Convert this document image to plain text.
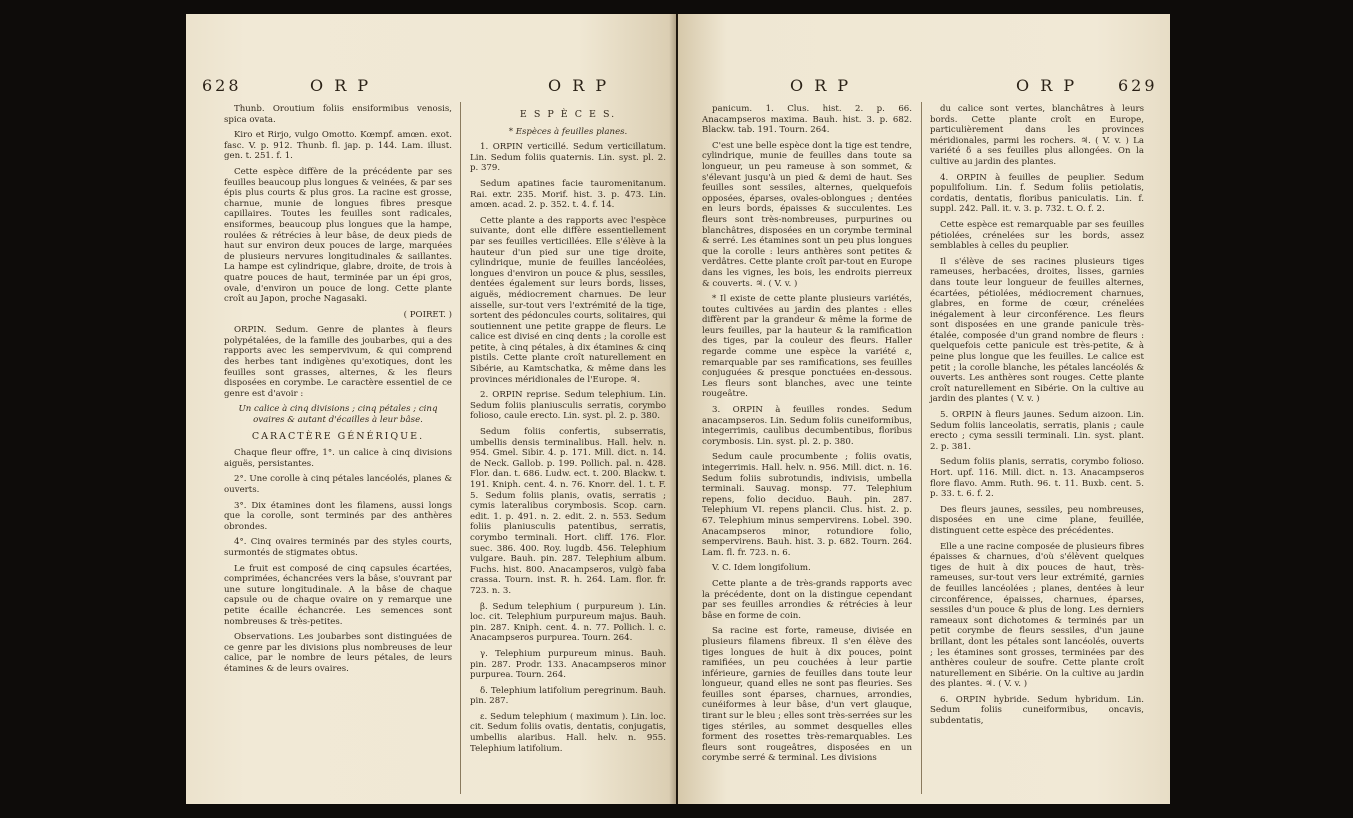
628	O R P	O R P

Thunb. Oroutium foliis ensiformibus venosis, spica ovata.

Kiro et Rirjo, vulgo Omotto. Kœmpf. amœn. exot. fasc. V. p. 912. Thunb. fl. jap. p. 144. Lam. illust. gen. t. 251. f. 1.

Cette espèce diffère de la précédente par ses feuilles beaucoup plus longues & veinées, & par ses épis plus courts & plus gros. La racine est grosse, charnue, munie de longues fibres presque capillaires. Toutes les feuilles sont radicales, ensiformes, beaucoup plus longues que la hampe, roulées & rétrécies à leur bâse, de deux pieds de haut sur environ deux pouces de large, marquées de plusieurs nervures longitudinales & saillantes. La hampe est cylindrique, glabre, droite, de trois à quatre pouces de haut, terminée par un épi gros, ovale, d'environ un pouce de long. Cette plante croît au Japon, proche Nagasaki.

( POIRET. )

ORPIN. Sedum. Genre de plantes à fleurs polypétalées, de la famille des joubarbes, qui a des rapports avec les sempervivum, & qui comprend des herbes tant indigènes qu'exotiques, dont les feuilles sont grasses, alternes, & les fleurs disposées en corymbe. Le caractère essentiel de ce genre est d'avoir :

Un calice à cinq divisions ; cinq pétales ; cinq ovaires & autant d'écailles à leur bâse.

CARACTÈRE GÉNÉRIQUE.

Chaque fleur offre, 1°. un calice à cinq divisions aiguës, persistantes.

2°. Une corolle à cinq pétales lancéolés, planes & ouverts.

3°. Dix étamines dont les filamens, aussi longs que la corolle, sont terminés par des anthères obrondes.

4°. Cinq ovaires terminés par des styles courts, surmontés de stigmates obtus.

Le fruit est composé de cinq capsules écartées, comprimées, échancrées vers la bâse, s'ouvrant par une suture longitudinale. A la bâse de chaque capsule ou de chaque ovaire on y remarque une petite écaille échancrée. Les semences sont nombreuses & très-petites.

Observations. Les joubarbes sont distinguées de ce genre par les divisions plus nombreuses de leur calice, par le nombre de leurs pétales, de leurs étamines & de leurs ovaires.

E S P È C E S.

* Espèces à feuilles planes.

1. ORPIN verticillé. Sedum verticillatum. Lin. Sedum foliis quaternis. Lin. syst. pl. 2. p. 379.

Sedum apatines facie tauromenitanum. Rai. extr. 235. Morif. hist. 3. p. 473. Lin. amœn. acad. 2. p. 352. t. 4. f. 14.

Cette plante a des rapports avec l'espèce suivante, dont elle diffère essentiellement par ses feuilles verticillées. Elle s'élève à la hauteur d'un pied sur une tige droite, cylindrique, munie de feuilles lancéolées, longues d'environ un pouce & plus, sessiles, dentées également sur leurs bords, lisses, aiguës, médiocrement charnues. De leur aisselle, sur-tout vers l'extrémité de la tige, sortent des pédoncules courts, solitaires, qui soutiennent une petite grappe de fleurs. Le calice est divisé en cinq dents ; la corolle est petite, à cinq pétales, à dix étamines & cinq pistils. Cette plante croît naturellement en Sibérie, au Kamtschatka, & même dans les provinces méridionales de l'Europe. ♃.

2. ORPIN reprise. Sedum telephium. Lin. Sedum foliis planiusculis serratis, corymbo folioso, caule erecto. Lin. syst. pl. 2. p. 380.

Sedum foliis confertis, subserratis, umbellis densis terminalibus. Hall. helv. n. 954. Gmel. Sibir. 4. p. 171. Mill. dict. n. 14. de Neck. Gallob. p. 199. Pollich. pal. n. 428. Flor. dan. t. 686. Ludw. ect. t. 200. Blackw. t. 191. Kniph. cent. 4. n. 76. Knorr. del. 1. t. F. 5. Sedum foliis planis, ovatis, serratis ; cymis lateralibus corymbosis. Scop. carn. edit. 1. p. 491. n. 2. edit. 2. n. 553. Sedum foliis planiusculis patentibus, serratis, corymbo terminali. Hort. cliff. 176. Flor. suec. 386. 400. Roy. lugdb. 456. Telephium vulgare. Bauh. pin. 287. Telephium album. Fuchs. hist. 800. Anacampseros, vulgò faba crassa. Tourn. inst. R. h. 264. Lam. flor. fr. 723. n. 3.

β. Sedum telephium ( purpureum ). Lin. loc. cit. Telephium purpureum majus. Bauh. pin. 287. Kniph. cent. 4. n. 77. Pollich. l. c. Anacampseros purpurea. Tourn. 264.

γ. Telephium purpureum minus. Bauh. pin. 287. Prodr. 133. Anacampseros minor purpurea. Tourn. 264.

δ. Telephium latifolium peregrinum. Bauh. pin. 287.

ε. Sedum telephium ( maximum ). Lin. loc. cit. Sedum foliis ovatis, dentatis, conjugatis, umbellis alaribus. Hall. helv. n. 955. Telephium latifolium.

O R P	O R P	629

panicum. 1. Clus. hist. 2. p. 66. Anacampseros maxima. Bauh. hist. 3. p. 682. Blackw. tab. 191. Tourn. 264.

C'est une belle espèce dont la tige est tendre, cylindrique, munie de feuilles dans toute sa longueur, un peu rameuse à son sommet, & s'élevant jusqu'à un pied & demi de haut. Ses feuilles sont sessiles, alternes, quelquefois opposées, éparses, ovales-oblongues ; dentées en leurs bords, épaisses & succulentes. Les fleurs sont très-nombreuses, purpurines ou blanchâtres, disposées en un corymbe terminal & serré. Les étamines sont un peu plus longues que la corolle : leurs anthères sont petites & verdâtres. Cette plante croît par-tout en Europe dans les vignes, les bois, les endroits pierreux & couverts. ♃. ( V. v. )

* Il existe de cette plante plusieurs variétés, toutes cultivées au jardin des plantes : elles diffèrent par la grandeur & même la forme de leurs feuilles, par la hauteur & la ramification des tiges, par la couleur des fleurs. Haller regarde comme une espèce la variété ε, remarquable par ses ramifications, ses feuilles conjuguées & presque ponctuées en-dessous. Les fleurs sont blanches, avec une teinte rougeâtre.

3. ORPIN à feuilles rondes. Sedum anacampseros. Lin. Sedum foliis cuneiformibus, integerrimis, caulibus decumbentibus, floribus corymbosis. Lin. syst. pl. 2. p. 380.

Sedum caule procumbente ; foliis ovatis, integerrimis. Hall. helv. n. 956. Mill. dict. n. 16. Sedum foliis subrotundis, indivisis, umbella terminali. Sauvag. monsp. 77. Telephium repens, folio deciduo. Bauh. pin. 287. Telephium VI. repens plancii. Clus. hist. 2. p. 67. Telephium minus sempervirens. Lobel. 390. Anacampseros minor, rotundiore folio, sempervirens. Bauh. hist. 3. p. 682. Tourn. 264. Lam. fl. fr. 723. n. 6.

V. C. Idem longifolium.

Cette plante a de très-grands rapports avec la précédente, dont on la distingue cependant par ses feuilles arrondies & rétrécies à leur bâse en forme de coin.

Sa racine est forte, rameuse, divisée en plusieurs filamens fibreux. Il s'en élève des tiges longues de huit à dix pouces, point ramifiées, un peu couchées à leur partie inférieure, garnies de feuilles dans toute leur longueur, quand elles ne sont pas fleuries. Ses feuilles sont éparses, charnues, arrondies, cunéiformes à leur bâse, d'un vert glauque, tirant sur le bleu ; elles sont très-serrées sur les tiges stériles, au sommet desquelles elles forment des rosettes très-remarquables. Les fleurs sont rougeâtres, disposées en un corymbe serré & terminal. Les divisions

du calice sont vertes, blanchâtres à leurs bords. Cette plante croît en Europe, particulièrement dans les provinces méridionales, parmi les rochers. ♃. ( V. v. ) La variété δ a ses feuilles plus allongées. On la cultive au jardin des plantes.

4. ORPIN à feuilles de peuplier. Sedum populifolium. Lin. f. Sedum foliis petiolatis, cordatis, dentatis, floribus paniculatis. Lin. f. suppl. 242. Pall. it. v. 3. p. 732. t. O. f. 2.

Cette espèce est remarquable par ses feuilles pétiolées, crénelées sur les bords, assez semblables à celles du peuplier.

Il s'élève de ses racines plusieurs tiges rameuses, herbacées, droites, lisses, garnies dans toute leur longueur de feuilles alternes, écartées, pétiolées, médiocrement charnues, glabres, en forme de cœur, crénelées inégalement à leur circonférence. Les fleurs sont disposées en une grande panicule très-étalée, composée d'un grand nombre de fleurs : quelquefois cette panicule est très-petite, & à peine plus longue que les feuilles. Le calice est petit ; la corolle blanche, les pétales lancéolés & ouverts. Les anthères sont rouges. Cette plante croît naturellement en Sibérie. On la cultive au jardin des plantes ( V. v. )

5. ORPIN à fleurs jaunes. Sedum aizoon. Lin. Sedum foliis lanceolatis, serratis, planis ; caule erecto ; cyma sessili terminali. Lin. syst. plant. 2. p. 381.

Sedum foliis planis, serratis, corymbo folioso. Hort. upf. 116. Mill. dict. n. 13. Anacampseros flore flavo. Amm. Ruth. 96. t. 11. Buxb. cent. 5. p. 33. t. 6. f. 2.

Des fleurs jaunes, sessiles, peu nombreuses, disposées en une cime plane, feuillée, distinguent cette espèce des précédentes.

Elle a une racine composée de plusieurs fibres épaisses & charnues, d'où s'élèvent quelques tiges de huit à dix pouces de haut, très-rameuses, sur-tout vers leur extrémité, garnies de feuilles lancéolées ; planes, dentées à leur circonférence, épaisses, charnues, éparses, sessiles d'un pouce & plus de long. Les derniers rameaux sont dichotomes & terminés par un petit corymbe de fleurs sessiles, d'un jaune brillant, dont les pétales sont lancéolés, ouverts ; les étamines sont grosses, terminées par des anthères couleur de soufre. Cette plante croît naturellement en Sibérie. On la cultive au jardin des plantes. ♃. ( V. v. )

6. ORPIN hybride. Sedum hybridum. Lin. Sedum foliis cuneiformibus, oncavis, subdentatis,
